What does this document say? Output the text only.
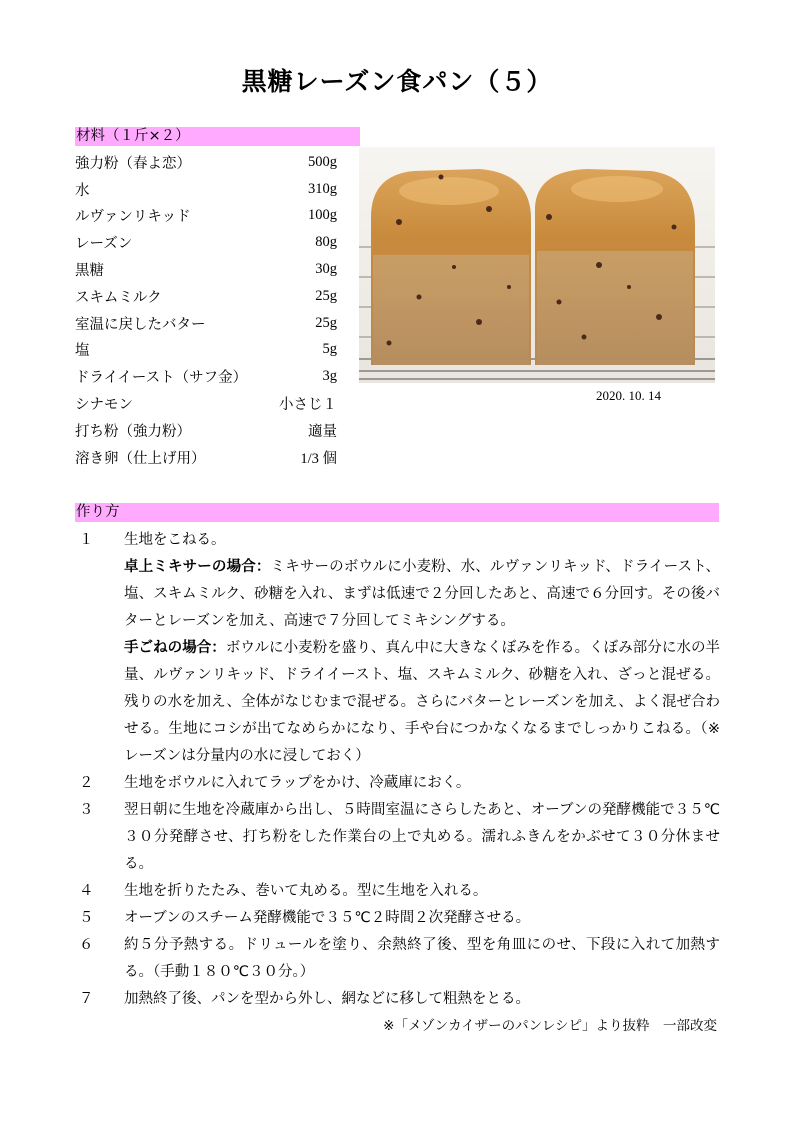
黒糖レーズン食パン（５）
材料（１斤×２）
強力粉（春よ恋）	500g
水	310g
ルヴァンリキッド	100g
レーズン	80g
黒糖	30g
スキムミルク	25g
室温に戻したバター	25g
塩	5g
ドライイースト（サフ金）	3g
シナモン	小さじ１
打ち粉（強力粉）	適量
溶き卵（仕上げ用）	1/3 個
2020. 10. 14
作り方
１	生地をこねる。

卓上ミキサーの場合：ミキサーのボウルに小麦粉、水、ルヴァンリキッド、ドライースト、塩、スキムミルク、砂糖を入れ、まずは低速で２分回したあと、高速で６分回す。その後バターとレーズンを加え、高速で７分回してミキシングする。

手ごねの場合：ボウルに小麦粉を盛り、真ん中に大きなくぼみを作る。くぼみ部分に水の半量、ルヴァンリキッド、ドライイースト、塩、スキムミルク、砂糖を入れ、ざっと混ぜる。残りの水を加え、全体がなじむまで混ぜる。さらにバターとレーズンを加え、よく混ぜ合わせる。生地にコシが出てなめらかになり、手や台につかなくなるまでしっかりこねる。（※レーズンは分量内の水に浸しておく）

２	生地をボウルに入れてラップをかけ、冷蔵庫におく。
３	翌日朝に生地を冷蔵庫から出し、５時間室温にさらしたあと、オーブンの発酵機能で３５℃３０分発酵させ、打ち粉をした作業台の上で丸める。濡れふきんをかぶせて３０分休ませる。
４	生地を折りたたみ、巻いて丸める。型に生地を入れる。
５	オーブンのスチーム発酵機能で３５℃２時間２次発酵させる。
６	約５分予熱する。ドリュールを塗り、余熱終了後、型を角皿にのせ、下段に入れて加熱する。（手動１８０℃３０分。）
７	加熱終了後、パンを型から外し、網などに移して粗熱をとる。
※「メゾンカイザーのパンレシピ」より抜粋　一部改変
